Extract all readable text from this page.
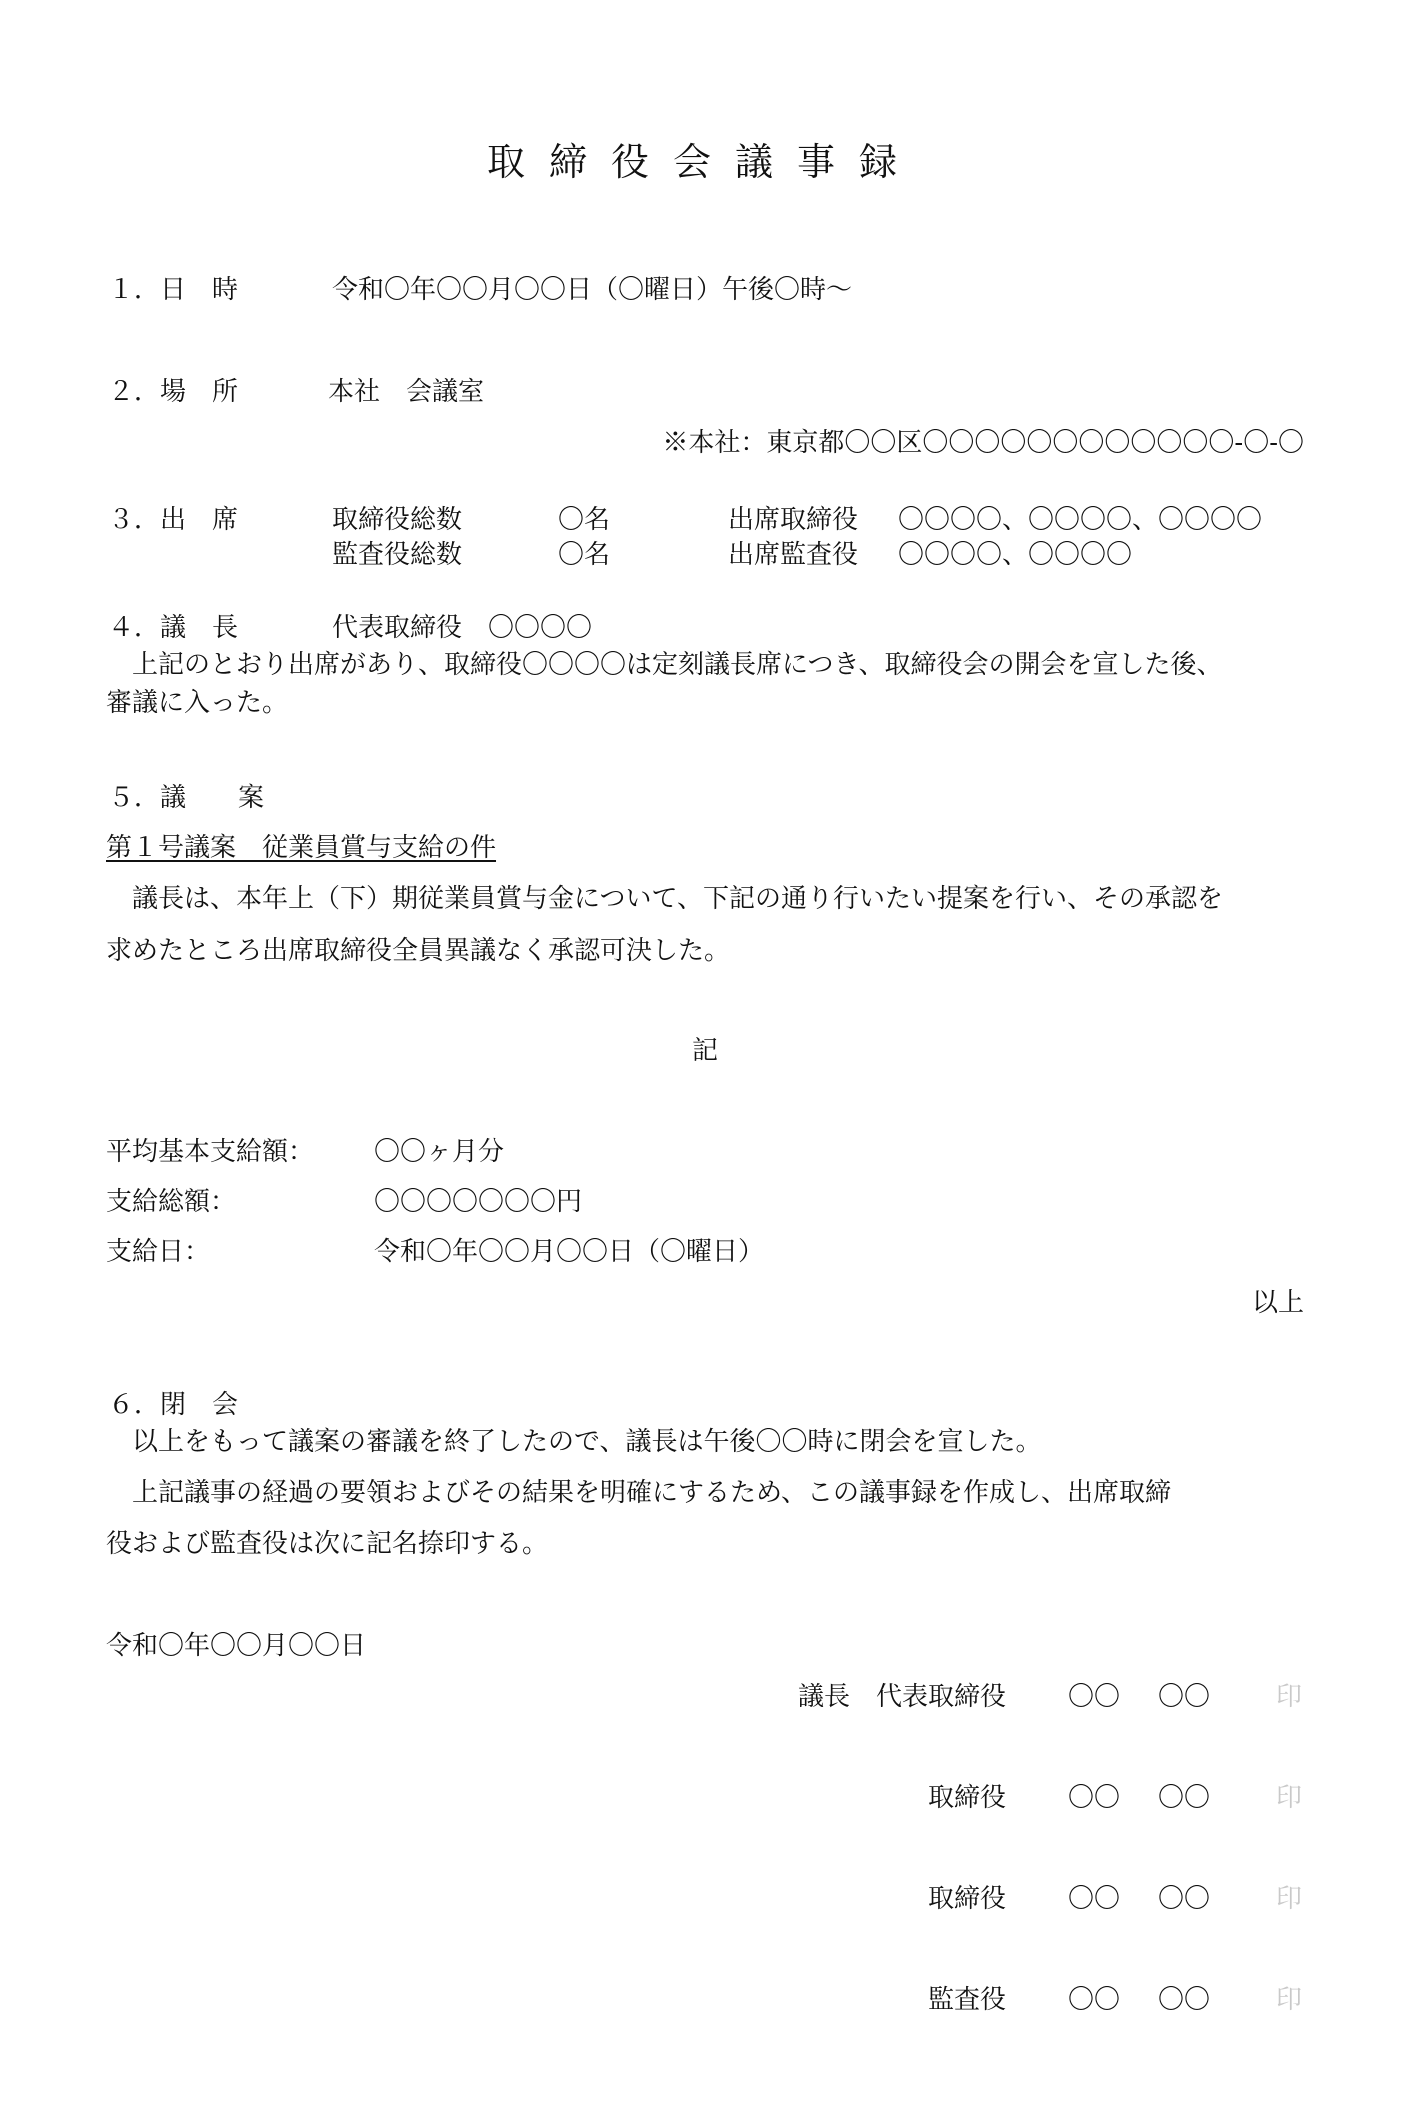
取締役会議事録
１．日　時	令和〇年〇〇月〇〇日（〇曜日）午後〇時～
２．場　所	本社　会議室
※本社：東京都〇〇区〇〇〇〇〇〇〇〇〇〇〇〇-〇-〇
３．出　席	取締役総数	〇名	出席取締役 〇〇〇〇、〇〇〇〇、〇〇〇〇
監査役総数	〇名	出席監査役 〇〇〇〇、〇〇〇〇
４．議　長	代表取締役　〇〇〇〇
上記のとおり出席があり、取締役〇〇〇〇は定刻議長席につき、取締役会の開会を宣した後、
審議に入った。
５．議　　案
第１号議案　従業員賞与支給の件
議長は、本年上（下）期従業員賞与金について、下記の通り行いたい提案を行い、その承認を
求めたところ出席取締役全員異議なく承認可決した。
記
平均基本支給額： 〇〇ヶ月分
支給総額：	〇〇〇〇〇〇〇円
支給日：	令和〇年〇〇月〇〇日（〇曜日）
以上
６．閉　会
以上をもって議案の審議を終了したので、議長は午後〇〇時に閉会を宣した。
上記議事の経過の要領およびその結果を明確にするため、この議事録を作成し、出席取締
役および監査役は次に記名捺印する。
令和〇年〇〇月〇〇日
議長　代表取締役 〇〇 〇〇	印
取締役 〇〇 〇〇	印
取締役 〇〇 〇〇	印
監査役 〇〇 〇〇	印
